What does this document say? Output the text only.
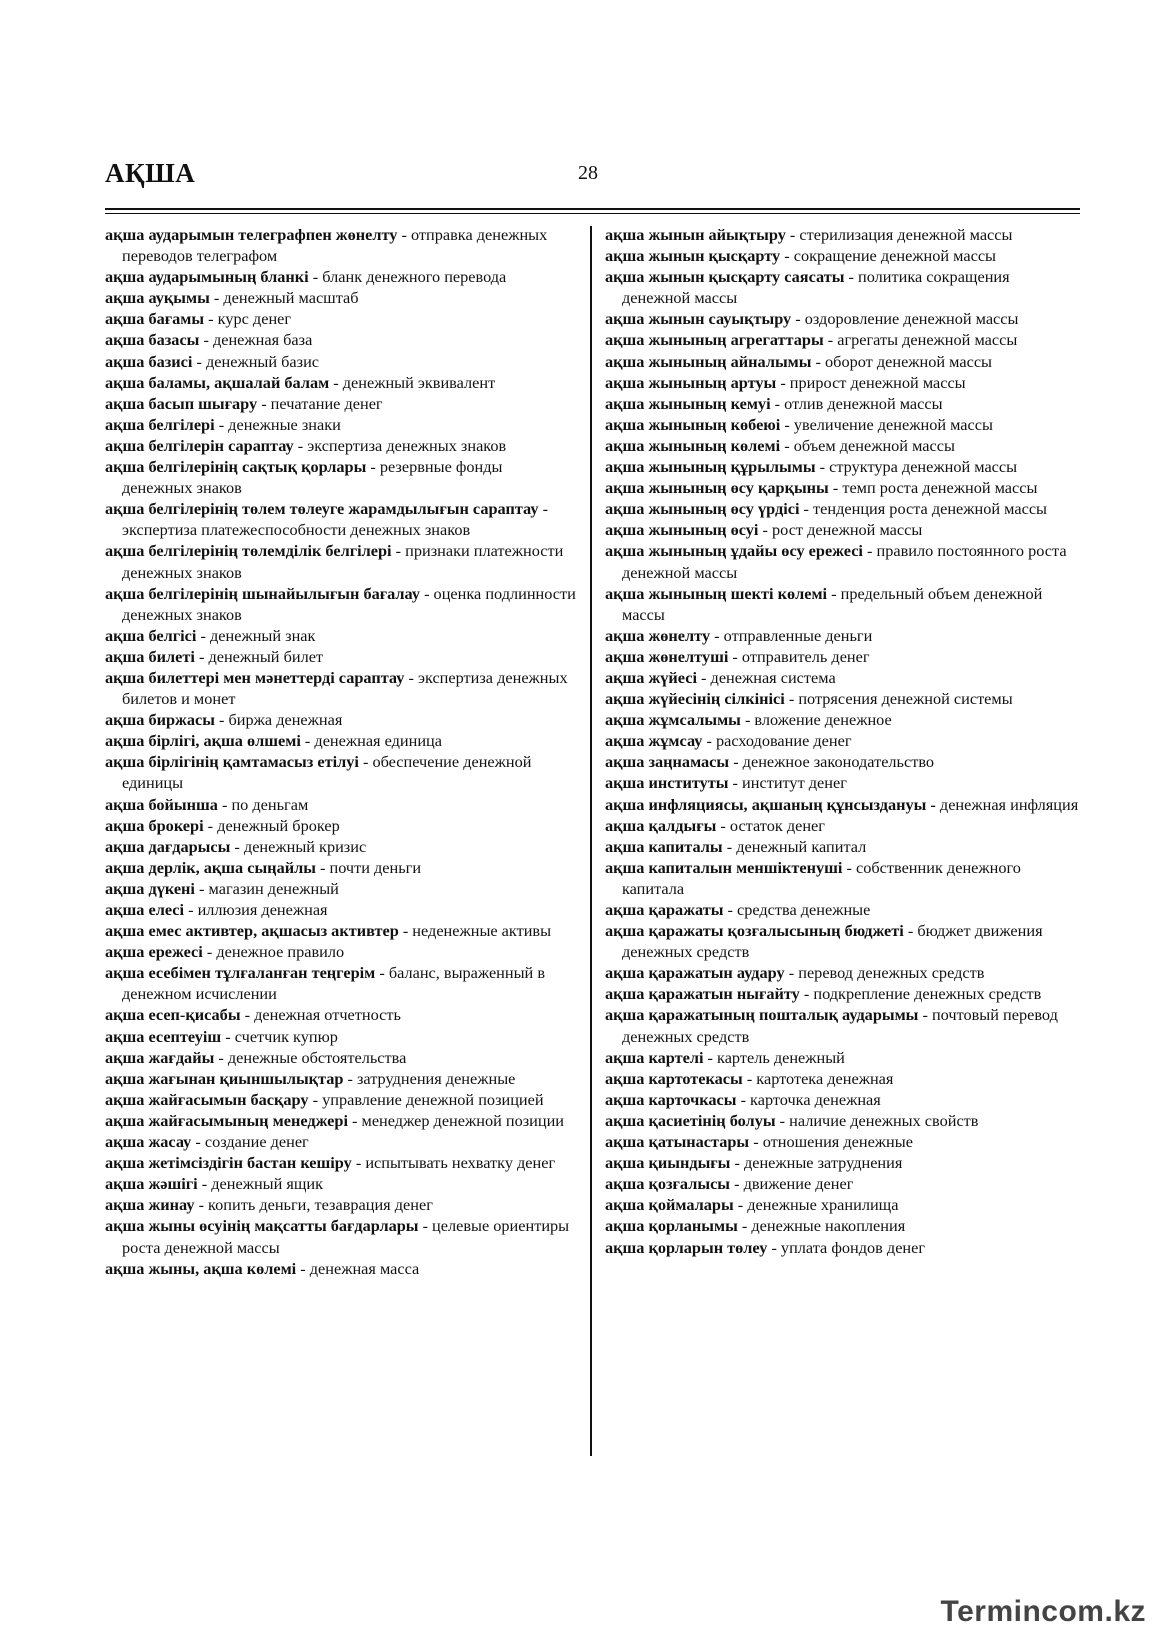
АҚША	28

ақша аударымын телеграфпен жөнелту - отправка денежных переводов телеграфом

ақша аударымының бланкі - бланк денежного перевода

ақша ауқымы - денежный масштаб

ақша бағамы - курс денег

ақша базасы - денежная база

ақша базисі - денежный базис

ақша баламы, ақшалай балам - денежный эквивалент

ақша басып шығару - печатание денег

ақша белгілері - денежные знаки

ақша белгілерін сараптау - экспертиза денежных знаков

ақша белгілерінің сақтық қорлары - резервные фонды денежных знаков

ақша белгілерінің төлем төлеуге жарамдылығын сараптау - экспертиза платежеспособности денежных знаков

ақша белгілерінің төлемділік белгілері - признаки платежности денежных знаков

ақша белгілерінің шынайылығын бағалау - оценка подлинности денежных знаков

ақша белгісі - денежный знак

ақша билеті - денежный билет

ақша билеттері мен мәнеттерді сараптау - экспертиза денежных билетов и монет

ақша биржасы - биржа денежная

ақша бірлігі, ақша өлшемі - денежная единица

ақша бірлігінің қамтамасыз етілуі - обеспечение денежной единицы

ақша бойынша - по деньгам

ақша брокері - денежный брокер

ақша дағдарысы - денежный кризис

ақша дерлік, ақша сыңайлы - почти деньги

ақша дүкені - магазин денежный

ақша елесі - иллюзия денежная

ақша емес активтер, ақшасыз активтер - неденежные активы

ақша ережесі - денежное правило

ақша есебімен тұлғаланған теңгерім - баланс, выраженный в денежном исчислении

ақша есеп-қисабы - денежная отчетность

ақша есептеуіш - счетчик купюр

ақша жағдайы - денежные обстоятельства

ақша жағынан қиыншылықтар - затруднения денежные

ақша жайғасымын басқару - управление денежной позицией

ақша жайғасымының менеджері - менеджер денежной позиции

ақша жасау - создание денег

ақша жетімсіздігін бастан кешіру - испытывать нехватку денег

ақша жәшігі - денежный ящик

ақша жинау - копить деньги, тезаврация денег

ақша жыны өсуінің мақсатты бағдарлары - целевые ориентиры роста денежной массы

ақша жыны, ақша көлемі - денежная масса

ақша жынын айықтыру - стерилизация денежной массы

ақша жынын қысқарту - сокращение денежной массы

ақша жынын қысқарту саясаты - политика сокращения денежной массы

ақша жынын сауықтыру - оздоровление денежной массы

ақша жынының агрегаттары - агрегаты денежной массы

ақша жынының айналымы - оборот денежной массы

ақша жынының артуы - прирост денежной массы

ақша жынының кемуі - отлив денежной массы

ақша жынының көбеюі - увеличение денежной массы

ақша жынының көлемі - объем денежной массы

ақша жынының құрылымы - структура денежной массы

ақша жынының өсу қарқыны - темп роста денежной массы

ақша жынының өсу үрдісі - тенденция роста денежной массы

ақша жынының өсуі - рост денежной массы

ақша жынының ұдайы өсу ережесі - правило постоянного роста денежной массы

ақша жынының шекті көлемі - предельный объем денежной массы

ақша жөнелту - отправленные деньги

ақша жөнелтуші - отправитель денег

ақша жүйесі - денежная система

ақша жүйесінің сілкінісі - потрясения денежной системы

ақша жұмсалымы - вложение денежное

ақша жұмсау - расходование денег

ақша заңнамасы - денежное законодательство

ақша институты - институт денег

ақша инфляциясы, ақшаның құнсыздануы - денежная инфляция

ақша қалдығы - остаток денег

ақша капиталы - денежный капитал

ақша капиталын меншіктенуші - собственник денежного капитала

ақша қаражаты - средства денежные

ақша қаражаты қозғалысының бюджеті - бюджет движения денежных средств

ақша қаражатын аудару - перевод денежных средств

ақша қаражатын нығайту - подкрепление денежных средств

ақша қаражатының пошталық аударымы - почтовый перевод денежных средств

ақша картелі - картель денежный

ақша картотекасы - картотека денежная

ақша карточкасы - карточка денежная

ақша қасиетінің болуы - наличие денежных свойств

ақша қатынастары - отношения денежные

ақша қиындығы - денежные затруднения

ақша қозғалысы - движение денег

ақша қоймалары - денежные хранилища

ақша қорланымы - денежные накопления

ақша қорларын төлеу - уплата фондов денег

Termincom.kz
